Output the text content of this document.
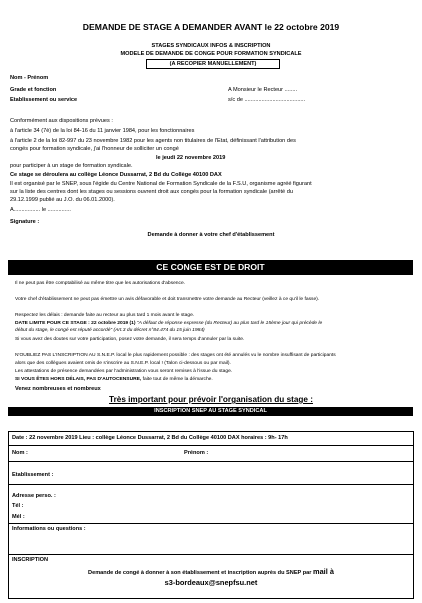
DEMANDE DE STAGE A DEMANDER AVANT le 22 octobre 2019
STAGES SYNDICAUX INFOS & INSCRIPTION
MODELE DE DEMANDE DE CONGE POUR FORMATION SYNDICALE
(A RECOPIER MANUELLEMENT)
Nom - Prénom
Grade et fonction
Etablissement ou service
A Monsieur le Recteur ........
s/c de .......................................
Conformément aux dispositions prévues :
à l'article 34 (7è) de la loi 84-16 du 11 janvier 1984, pour les fonctionnaires
à l'article 2 de la loi 82-997 du 23 novembre 1982 pour les agents non titulaires de l'Etat, définissant l'attribution des
congés pour formation syndicale, j'ai l'honneur de solliciter un congé
le jeudi 22 novembre 2019
pour participer à un stage de formation syndicale.
Ce stage se déroulera au collège Léonce Dussarrat, 2 Bd du Collège 40100 DAX
Il est organisé par le SNEP, sous l'égide du Centre National de Formation Syndicale de la F.S.U, organisme agréé figurant
sur la liste des centres dont les stages ou sessions ouvrent droit aux congés pour la formation syndicale (arrêté du
29.12.1999 publié au J.O. du 06.01.2000).
A................. le ...............
Signature :
Demande à donner à votre chef d'établissement
CE CONGE EST DE DROIT
Il ne peut pas être comptabilisé au même titre que les autorisations d'absence.
Votre chef d'établissement ne peut pas émettre un avis défavorable et doit transmettre votre demande au Recteur (veillez à ce qu'il le fasse).
Respectez les délais : demande faite au recteur au plus tard 1 mois avant le stage.
DATE LIMITE POUR CE STAGE : 22 octobre 2019 (1) "A défaut de réponse expresse (du Recteur) au plus tard le 15ème jour qui précède le
début du stage, le congé est réputé accordé" (Art.3 du décret n°84.474 du 15 juin 1984)
Si vous avez des doutes sur votre participation, posez votre demande, il sera temps d'annuler par la suite.
N'OUBLIEZ PAS L'INSCRIPTION AU S.N.E.P. local le plus rapidement possible : des stages ont été annulés vu le nombre insuffisant de participants
alors que des collègues avaient omis de s'inscrire au S.N.E.P. local ! (Talon ci-dessous ou par mail).
Les attestations de présence demandées par l'administration vous seront remises à l'issue du stage.
SI VOUS ÊTES HORS DÉLAIS, PAS D'AUTOCENSURE, faite tout de même la démarche.
Venez nombreuses et nombreux
Très important pour prévoir l'organisation du stage :
INSCRIPTION SNEP AU STAGE SYNDICAL
Date : 22 novembre 2019 Lieu : collège Léonce Dussarrat, 2 Bd du Collège 40100 DAX horaires : 9h- 17h
Nom :	Prénom :
Etablissement :
Adresse perso. :
Tél :
Mél :
Informations ou questions :
INSCRIPTION
Demande de congé à donner à son établissement et inscription auprès du SNEP par mail à
s3-bordeaux@snepfsu.net
